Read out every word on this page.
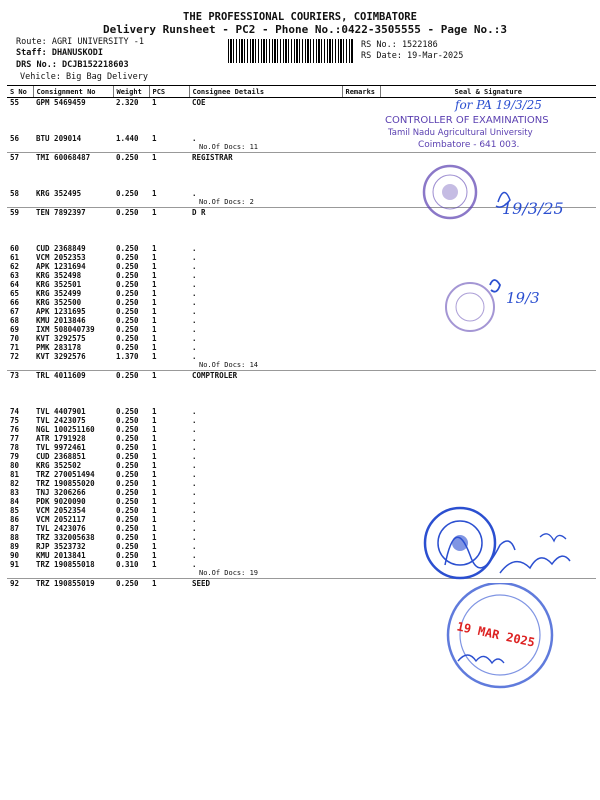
THE PROFESSIONAL COURIERS, COIMBATORE
Delivery Runsheet - PC2 - Phone No.:0422-3505555 - Page No.:3
Route: AGRI UNIVERSITY -1
Staff: DHANUSKODI
DRS No.: DCJB152218603
Vehicle: Big Bag Delivery
RS No.: 1522186
RS Date: 19-Mar-2025
S No	Consignment No	Weight	PCS	Consignee Details	Remarks	Seal & Signature
55	GPM 5469459	2.320	1	COE		

56	BTU 209014	1.440	1	.		
				No.Of Docs: 11		
57	TMI 60068487	0.250	1	REGISTRAR		

58	KRG 352495	0.250	1	.		
				No.Of Docs: 2		
59	TEN 7892397	0.250	1	D R		

60	CUD 2368849	0.250	1	.		
61	VCM 2052353	0.250	1	.		
62	APK 1231694	0.250	1	.		
63	KRG 352498	0.250	1	.		
64	KRG 352501	0.250	1	.		
65	KRG 352499	0.250	1	.		
66	KRG 352500	0.250	1	.		
67	APK 1231695	0.250	1	.		
68	KMU 2013846	0.250	1	.		
69	IXM 508040739	0.250	1	.		
70	KVT 3292575	0.250	1	.		
71	PMK 283178	0.250	1	.		
72	KVT 3292576	1.370	1	.		
				No.Of Docs: 14		
73	TRL 4011609	0.250	1	COMPTROLER		

74	TVL 4407901	0.250	1	.		
75	TVL 2423075	0.250	1	.		
76	NGL 100251160	0.250	1	.		
77	ATR 1791928	0.250	1	.		
78	TVL 9972461	0.250	1	.		
79	CUD 2368851	0.250	1	.		
80	KRG 352502	0.250	1	.		
81	TRZ 270051494	0.250	1	.		
82	TRZ 190855020	0.250	1	.		
83	TNJ 3206266	0.250	1	.		
84	PDK 9020090	0.250	1	.		
85	VCM 2052354	0.250	1	.		
86	VCM 2052117	0.250	1	.		
87	TVL 2423076	0.250	1	.		
88	TRZ 332005638	0.250	1	.		
89	RJP 3523732	0.250	1	.		
90	KMU 2013841	0.250	1	.		
91	TRZ 190855018	0.310	1	.		
				No.Of Docs: 19		
92	TRZ 190855019	0.250	1	SEED		
CONTROLLER OF EXAMINATIONS
Tamil Nadu Agricultural University
Coimbatore - 641 003.
for PA 19/3/25
19/3/25
19/3
19 MAR 2025
